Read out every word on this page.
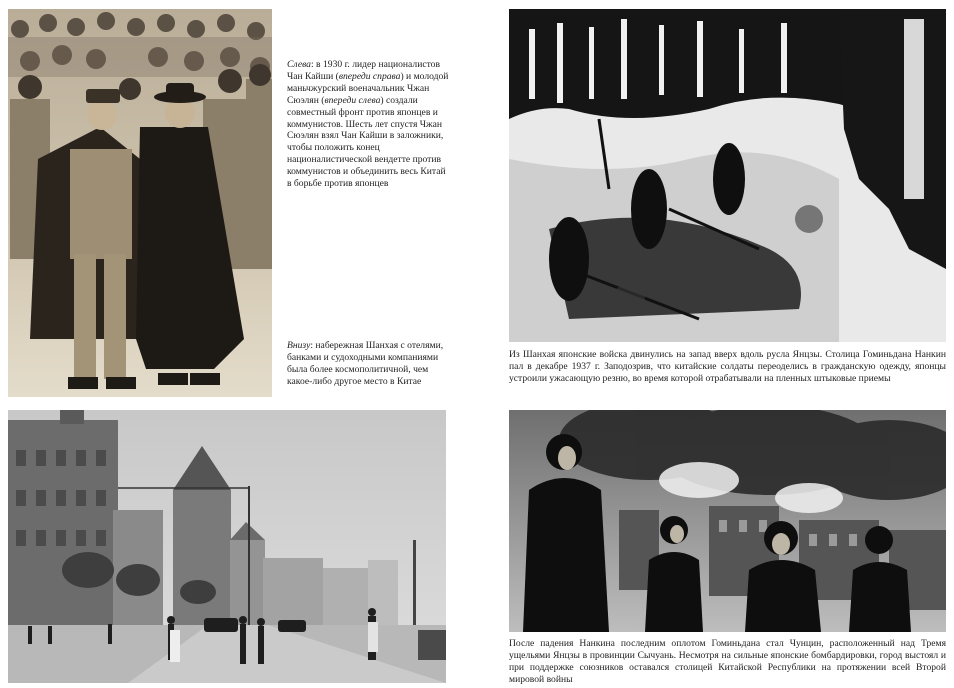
Слева: в 1930 г. лидер националистов Чан Кайши (впереди справа) и молодой маньчжурский военачальник Чжан Сюэлян (впереди слева) создали совместный фронт против японцев и коммунистов. Шесть лет спустя Чжан Сюэлян взял Чан Кайши в заложники, чтобы положить конец националистической вендетте против коммунистов и объединить весь Китай в борьбе против японцев

Внизу: набережная Шанхая с отелями, банками и судоходными компаниями была более космополитичной, чем какое-либо другое место в Китае

Из Шанхая японские войска двинулись на запад вверх вдоль русла Янцзы. Столица Гоминьдана Нанкин пал в декабре 1937 г. Заподозрив, что китайские солдаты переоделись в гражданскую одежду, японцы устроили ужасающую резню, во время которой отрабатывали на пленных штыковые приемы

После падения Нанкина последним оплотом Гоминьдана стал Чунцин, расположенный над Тремя ущельями Янцзы в провинции Сычуань. Несмотря на сильные японские бомбардировки, город выстоял и при поддержке союзников оставался столицей Китайской Республики на протяжении всей Второй мировой войны
